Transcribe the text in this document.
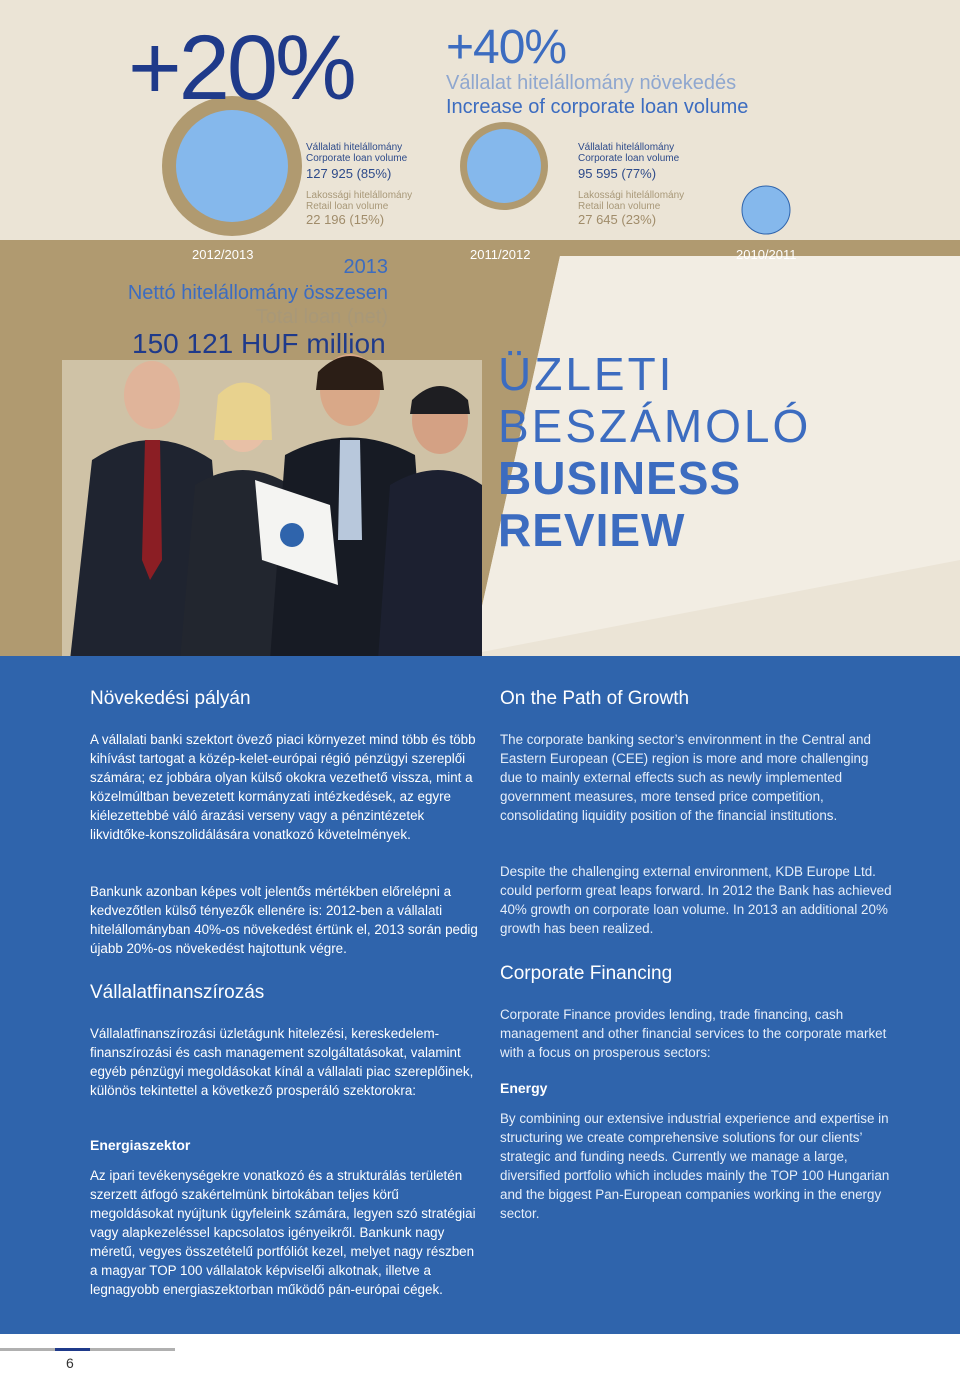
+20% +40%
Vállalat hitelállomány növekedés
Increase of corporate loan volume
Vállalati hitelállomány
Corporate loan volume
127 925 (85%)
Lakossági hitelállomány
Retail loan volume
22 196 (15%)
Vállalati hitelállomány
Corporate loan volume
95 595 (77%)
Lakossági hitelállomány
Retail loan volume
27 645 (23%)
2012/2013	2011/2012	2010/2011
2013
Nettó hitelállomány összesen
Total loan (net)
150 121 HUF million
ÜZLETI
BESZÁMOLÓ
BUSINESS
REVIEW
Növekedési pályán
A vállalati banki szektort övező piaci környezet mind több és több kihívást tartogat a közép-kelet-európai régió pénzügyi szereplői számára; ez jobbára olyan külső okokra vezethető vissza, mint a közelmúltban bevezetett kormányzati intézkedések, az egyre kiélezettebbé váló árazási verseny vagy a pénzintézetek likvidtőke-konszolidálására vonatkozó követelmények.
Bankunk azonban képes volt jelentős mértékben előrelépni a kedvezőtlen külső tényezők ellenére is: 2012-ben a vállalati hitelállományban 40%-os növekedést értünk el, 2013 során pedig újabb 20%-os növekedést hajtottunk végre.
Vállalatfinanszírozás
Vállalatfinanszírozási üzletágunk hitelezési, kereskedelem-finanszírozási és cash management szolgáltatásokat, valamint egyéb pénzügyi megoldásokat kínál a vállalati piac szereplőinek, különös tekintettel a következő prosperáló szektorokra:
Energiaszektor
Az ipari tevékenységekre vonatkozó és a strukturálás területén szerzett átfogó szakértelmünk birtokában teljes körű megoldásokat nyújtunk ügyfeleink számára, legyen szó stratégiai vagy alapkezeléssel kapcsolatos igényeikről. Bankunk nagy méretű, vegyes összetételű portfóliót kezel, melyet nagy részben a magyar TOP 100 vállalatok képviselői alkotnak, illetve a legnagyobb energiaszektorban működő pán-európai cégek.
On the Path of Growth
The corporate banking sector’s environment in the Central and Eastern European (CEE) region is more and more challenging due to mainly external effects such as newly implemented government measures, more tensed price competition, consolidating liquidity position of the financial institutions.
Despite the challenging external environment, KDB Europe Ltd. could perform great leaps forward. In 2012 the Bank has achieved 40% growth on corporate loan volume. In 2013 an additional 20% growth has been realized.
Corporate Financing
Corporate Finance provides lending, trade financing, cash management and other financial services to the corporate market with a focus on prosperous sectors:
Energy
By combining our extensive industrial experience and expertise in structuring we create comprehensive solutions for our clients’ strategic and funding needs. Currently we manage a large, diversified portfolio which includes mainly the TOP 100 Hungarian and the biggest Pan-European companies working in the energy sector.
6
